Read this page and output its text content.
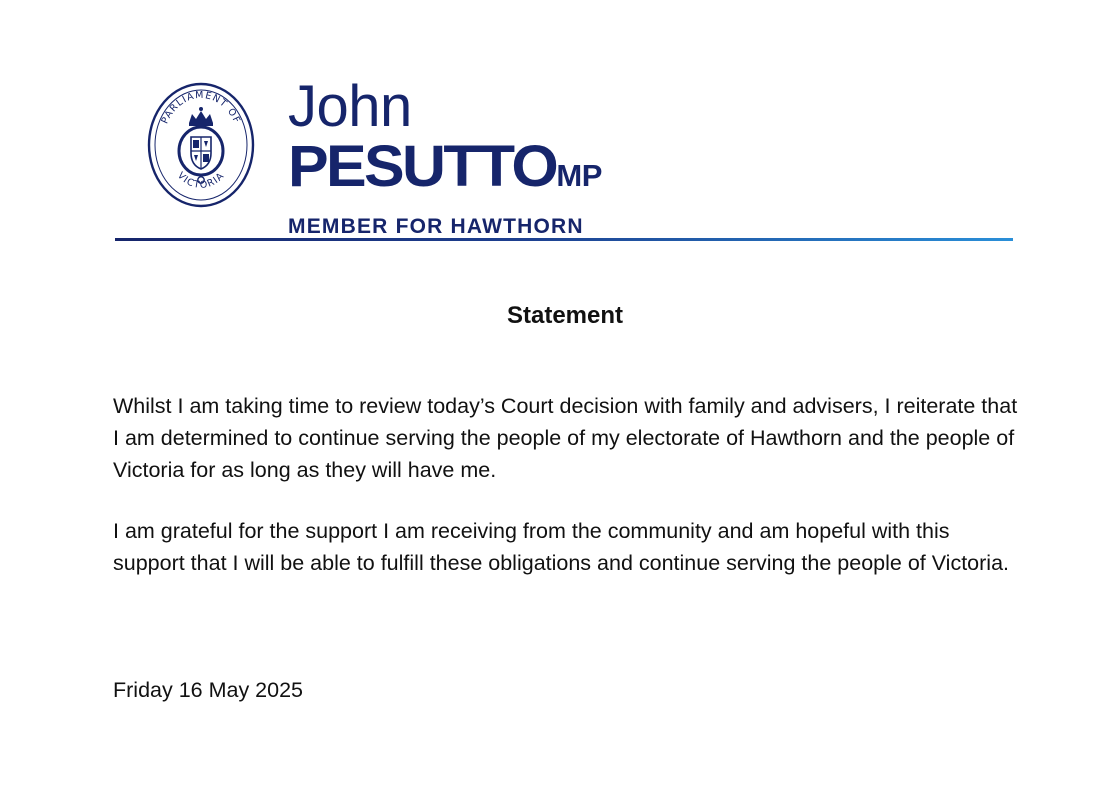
PARLIAMENT OF
VICTORIA
John
PESUTTOMP
MEMBER FOR HAWTHORN
Statement

Whilst I am taking time to review today’s Court decision with family and advisers, I reiterate that I am determined to continue serving the people of my electorate of Hawthorn and the people of Victoria for as long as they will have me.

I am grateful for the support I am receiving from the community and am hopeful with this support that I will be able to fulfill these obligations and continue serving the people of Victoria.

Friday 16 May 2025
